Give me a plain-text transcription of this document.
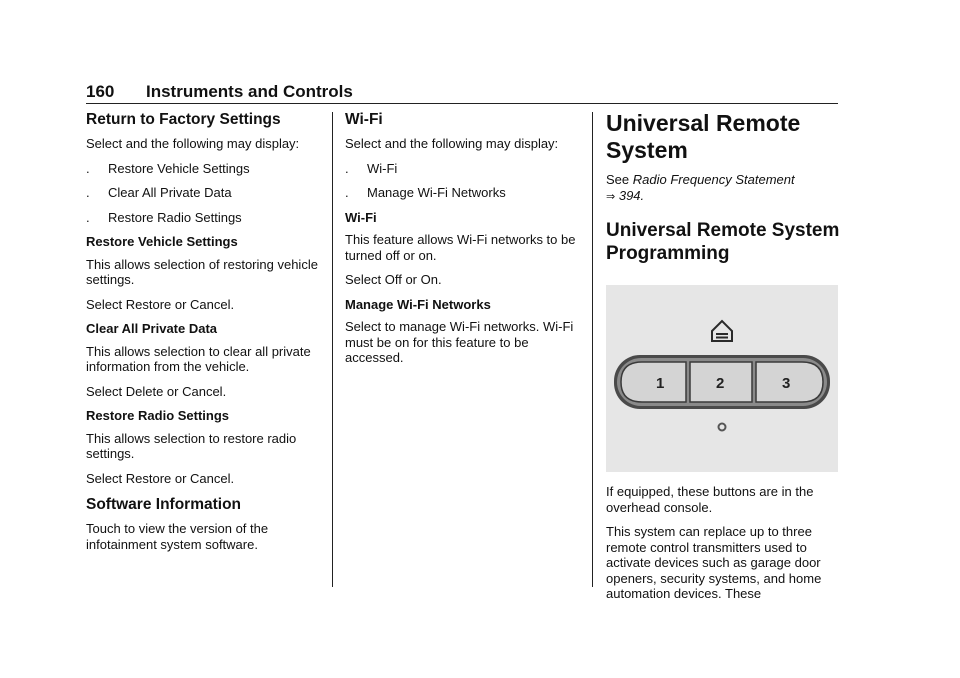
160 Instruments and Controls
Return to Factory Settings

Select and the following may display:

.	Restore Vehicle Settings
.	Clear All Private Data
.	Restore Radio Settings

Restore Vehicle Settings

This allows selection of restoring vehicle settings.

Select Restore or Cancel.

Clear All Private Data

This allows selection to clear all private information from the vehicle.

Select Delete or Cancel.

Restore Radio Settings

This allows selection to restore radio settings.

Select Restore or Cancel.

Software Information

Touch to view the version of the infotainment system software.

Wi-Fi

Select and the following may display:

.	Wi-Fi
.	Manage Wi-Fi Networks

Wi-Fi

This feature allows Wi-Fi networks to be turned off or on.

Select Off or On.

Manage Wi-Fi Networks

Select to manage Wi-Fi networks. Wi-Fi must be on for this feature to be accessed.

Universal Remote System

See Radio Frequency Statement
⇒ 394.

Universal Remote System Programming
1	2	3

If equipped, these buttons are in the overhead console.

This system can replace up to three remote control transmitters used to activate devices such as garage door openers, security systems, and home automation devices. These
